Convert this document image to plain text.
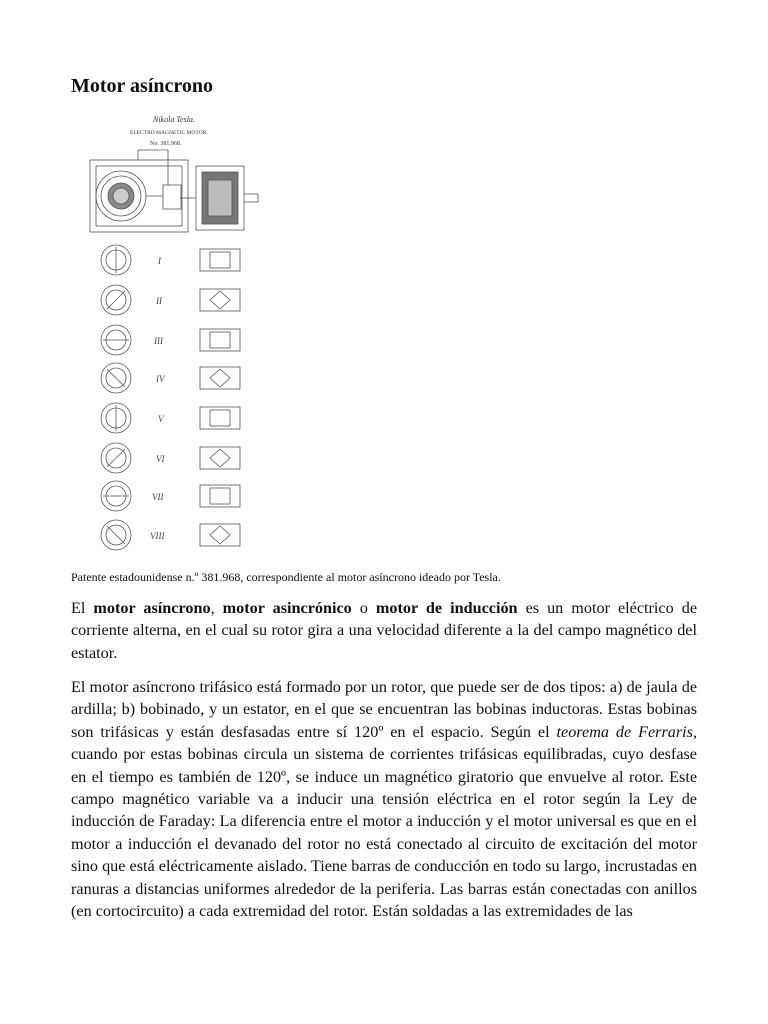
Motor asíncrono
Nikola Tesla.
ELECTRO MAGNETIC MOTOR.
No. 381,968.
I
II
III
IV
V
VI
VII
VIII

Patente estadounidense n.º 381.968, correspondiente al motor asíncrono ideado por Tesla.

El motor asíncrono, motor asincrónico o motor de inducción es un motor eléctrico de corriente alterna, en el cual su rotor gira a una velocidad diferente a la del campo magnético del estator.

El motor asíncrono trifásico está formado por un rotor, que puede ser de dos tipos: a) de jaula de ardilla; b) bobinado, y un estator, en el que se encuentran las bobinas inductoras. Estas bobinas son trifásicas y están desfasadas entre sí 120º en el espacio. Según el teorema de Ferraris, cuando por estas bobinas circula un sistema de corrientes trifásicas equilibradas, cuyo desfase en el tiempo es también de 120º, se induce un magnético giratorio que envuelve al rotor. Este campo magnético variable va a inducir una tensión eléctrica en el rotor según la Ley de inducción de Faraday: La diferencia entre el motor a inducción y el motor universal es que en el motor a inducción el devanado del rotor no está conectado al circuito de excitación del motor sino que está eléctricamente aislado. Tiene barras de conducción en todo su largo, incrustadas en ranuras a distancias uniformes alrededor de la periferia. Las barras están conectadas con anillos (en cortocircuito) a cada extremidad del rotor. Están soldadas a las extremidades de las
